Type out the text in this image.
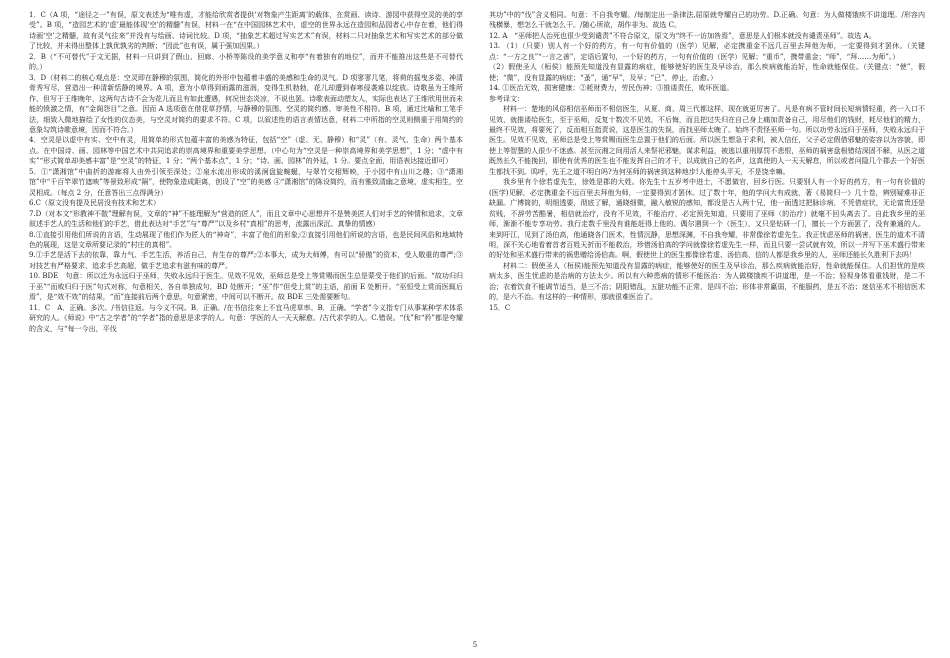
1．C（A 项，“途径之一”有误，原文表述为“唯有虚，才能给欣赏者提供‘对物象产生距离’的载体，在赏画、读诗、游园中获得空灵的美的享受”。B 项，“造园艺术的‘虚’最能体现‘空’的精髓”有误，材料一在“在中国园林艺术中，虚空的世界永远在造园和品园者心中存在着，他们得诗画‘空’之精髓，故有灵气往来”并没有与绘画、诗词比较。D 项，“抽象艺术超过写实艺术”有误，材料二只对抽象艺术和写实艺术的部分做了比较，并未得出整体上孰优孰劣的判断；“因此”也有误，属于强加因果。）

2．B（“不可替代”于文无据，材料一只讲到了假山、回廊、小桥等陈设的美学意义和亭“有着独有的地位”，而并不能推出这些是不可替代的。）

3．D（材料二的核心观点是：空灵即在静穆的氛围，简化的外形中包蕴着丰盛的美感和生命的灵气。D 项寥寥几笔，将荷的摇曳多姿、神清骨秀写尽，营造出一种清新恬静的境界。A 项，意为小草得到雨露的滋润，变得生机勃勃，花儿却遭到春寒侵袭难以绽放。诗歌虽为王维所作，但写于王维晚年，这两句古诗不会为花儿而且有如此遭遇，何况世态炎凉，不说也罢。诗歌表面动塑友人，实际也表达了王维欣用世而未能的愤激之情，有“金阁怨目”之意。因而 A 选项意在借花草抒情，与静穆的氛围、空灵的简约感、审美性不相符。B 项，通过比喻和工笔手法，细致入微地描绘了女性的仪态美，与空灵对简约的要求不符。C 项，以叙述性的语言表情达意，材料二中所指的空灵则侧重于用简约的意象勾筑诗歌意境，因而不符合。）

4．空灵是以虚中有实、空中有灵，用简单的形式包蕴丰富的美感为特征，包括“空”（虚、无、静穆）和“灵”（有、灵气、生命）两个基本点。在中国诗、画、园林等中国艺术中共同追求的崇高境界和重要美学思想。（中心句为“空灵是一种崇高境界和美学思想”，1 分；“虚中有实”“形式简单却美感丰富”是“空灵”的特征，1 分；“两个基本点”，1 分；“诗、画、园林”的外延，1 分。要点全面，用语表达接近即可）

5．①“潇湘馆”中曲折的游廊将人由外引领至深处；②泉水流出形成的溪涧盘旋蜿蜒，与翠竹交相辉映，于小园中有山川之趣；③“潇湘馆”中“千百竿翠竹遮映”等景致形成“隔”，使物象造成距离，创设了“空”的美感 ④“潇湘馆”的陈设简约，而有雅致清幽之意境，虚实相生，空灵相成。（每点 2 分，任意答出三点得满分）

6.C（原文没有提及民居没有技术和艺术）

7.D（对本文“形教神不散”理解有误，文章的“神”不能理解为“营造的匠人”，而且文章中心思想并不是赞美匠人们对手艺的钟情和追求，文章叙述手艺人的生活和他们的手艺，借此表达对“手艺”与“尊严”以及乡村“真相”的思考，流露出深沉、真挚的情感）

8.①直接引用他们所说的言语，生动展现了他们作为匠人的“神奇”，丰富了他们的形象;②直接引用他们所说的言语，也是民间风俗和地域特色的展现，这是文章所要记录的“村庄的真相”。

9.①手艺是活下去的依靠，靠力气、手艺生活，养活自己，有生存的尊严;②本事大，成为大师傅，有可以“骄傲”的资本，受人敬重的尊严;③对技艺有严格要求，追求手艺高超，做手艺追求有滋有味的尊严。

10. BDE　句意：所以迁为永远归于巫师，失败永远归于医生。见效不见效，巫师总是受上等赏赐而医生总是蒙受于他们的后面。“故功归归于巫”“而败归归于医”句式对称，句意相关，各自单独成句，BD 处断开；“巫”作“但受上赏”的主语，前面 E 处断开。“巫恒受上赏而医辄后焉”，是“效不效”的结果，“而”连接前后两个意思，句意紧密，中间可以不断开。故 BDE 三处需要断句。

11．C　A．正确。多次。/书信往返。与今义不同。B．正确。/在书信往来上不宜马虎草率。B．正确。“学者”今义指专门从事某种学术体系研究的人。《师说》中“古之学者”的“学者”指的意思是求学的人。句意：学医的人一天天解愈。/古代求学的人。C.错误。“伐”和“矜”都是夸耀的含义，与“每一今出，平伐

其功”中的“伐”含义相同。句意：不自我夸耀。/每制定出一条律法,屈原就夸耀自己的功劳。D.正确。句意：为人做楼饿疾不讲道理。/形容内残横暴，想怎么干就怎么干。/随心所欲，胡作非为。故选 C。

12. A　“巫师把人治死也很少受到谴责”不符合原文，原文为“终不一访加咎焉”，意思是人们根本就没有谴责巫师”。故选 A。

13. （1）（只要）别人有一个好的药方，有一句有价值的（医学）见解，必定携重金不远几百里去拜他为师，一定要得到才罢休。（关键点：“一方之良”“一言之善”，定语后置句，一个好的药方，一句有价值的（医学）见解；“重币”，携带重金；“师”，“拜……为师”。）

（2）假使圣人（桓侯）能预先知道没有显露的病症，能够使好的医生及早诊治，那么疾病就能治好，性命就能保住。（关键点：“使”，假使；“微”，没有显露的病症；“蚤”，通“早”，及早；“已”，停止，治愈。）

14. ①医治无效，损害健康；②耗财费力，劳民伤神；③推诿责任，败坏医道。

参考译文：

材料一：楚地的风俗相信巫师而不相信医生，从夏、商、周三代都这样，现在就更厉害了。凡是有病不管时间长短病情轻重，药一入口不见效，就推诿给医生，至于巫师，反复十数次不见效，不后悔，而且把过失归在自己身上痛加责备自己，用尽他们的钱财，耗尽他们的精力，最终不见效，将要死了，反而相互指责说，这是医生的失误，而找巫师太晚了。始终不责怪巫师一句。所以功劳永远归于巫师，失败永远归于医生。见效不见效，巫师总是受上等赏赐而医生总置于他们的后面。所以医生想急于求利，被人信任，父子必定假借邪魅的姿容以为容貌，即使上等智慧的人很少不迷惑。甚至沅湘之间用活人来祭祀邪魅，谋求利益，被逃以重刑厚罚不悲恨，巫师的祸害盘根错结深固不解，从医之道既然长久不能挽回，即使有优秀的医生也不能发挥自己的才干，以成就自己的名声，这真使的人一天天解怠，所以或者问隐几个郡去一个好医生都找不到。呜呼，先王之道不明白吗?为何巫师的祸害到这种地步!人能停头平天，不是饶幸嘛。

我乡里有个徐若虚先生，徐姓是郡的大姓。你先生十五岁考中进士，不愿做官，回乡行医。只要别人有一个好的药方，有一句有价值的(医学)见解，必定携重金不远百里去拜他为师，一定要得到才罢休。过了数十年，他的学问大有成就，著《易简归一》几十卷，辨别疑难非正缺漏。广博简的，明细透要，彻底了解，通晓细微，融入敏锐的感知，都没是古人两十兄，他一面透过把脉诊病，不凭借症状，无论富贵还是贫贱，不辞劳苦酷暑，相信就治疗，没有不见效，不能治疗，必定预先知道，只要用了巫师（的治疗）就毫不回头离去了。自此我乡里的巫师，渐渐不能专享功劳。我行走数千里没有谁能赶得上他的。偶尔遇到一个（医生），又只是钻研一门，擅长一个方面罢了，没有兼通的人。来到吁江，见到了汤伯高，他通晓各门医术，性情沉静，思想深渊，不自我夸耀，非常像徐若虚先生。我正忧虑巫师的祸害，医生的道术不清明，深不关心地看着首者百姓天折而不能救治，珍惜汤伯高的学问就像徐若虚先生一样，而且只要一尝试就有效，所以一并写下巫术盛行带来的好处和巫术盛行带来的祸患赠给汤伯高。啊，假使世上的医生都像徐若虚、汤伯高，信的人都是我乡里的人，巫师还能长久胜利下去吗！

材料二：假使圣人（桓侯)能预先知道没有显露的病症，能够使好的医生及早诊治，那么疾病就能治好，性命就能保住。人们担忧的是疾病太多，医生忧虑的是治病的方法太少。所以有六种患病的情形不能医治：为人做楼饿疾不讲道理，是一不治；轻视身体看重钱财，是二不治；衣着饮食不能调节适当，是三不治；阴阳错乱，五脏功能不正常，是四不治；形体非常羸弱，不能服药，是五不治；迷信巫术不相信医术的，是六不治。有这样的一种情形，那就很难医治了。

15．C

5
